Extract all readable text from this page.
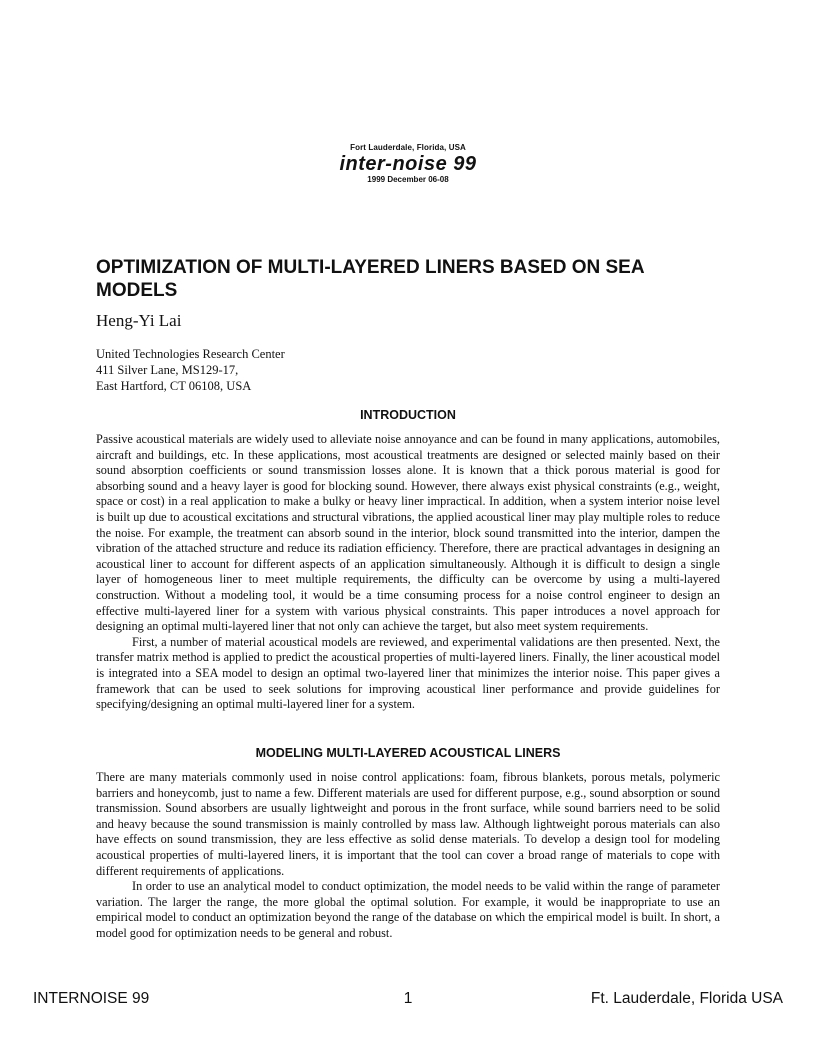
Fort Lauderdale, Florida, USA
inter-noise 99
1999 December 06-08
OPTIMIZATION OF MULTI-LAYERED LINERS BASED ON SEA MODELS
Heng-Yi Lai
United Technologies Research Center
411 Silver Lane, MS129-17,
East Hartford, CT 06108, USA
INTRODUCTION

Passive acoustical materials are widely used to alleviate noise annoyance and can be found in many applications, automobiles, aircraft and buildings, etc. In these applications, most acoustical treatments are designed or selected mainly based on their sound absorption coefficients or sound transmission losses alone. It is known that a thick porous material is good for absorbing sound and a heavy layer is good for blocking sound. However, there always exist physical constraints (e.g., weight, space or cost) in a real application to make a bulky or heavy liner impractical. In addition, when a system interior noise level is built up due to acoustical excitations and structural vibrations, the applied acoustical liner may play multiple roles to reduce the noise. For example, the treatment can absorb sound in the interior, block sound transmitted into the interior, dampen the vibration of the attached structure and reduce its radiation efficiency. Therefore, there are practical advantages in designing an acoustical liner to account for different aspects of an application simultaneously. Although it is difficult to design a single layer of homogeneous liner to meet multiple requirements, the difficulty can be overcome by using a multi-layered construction. Without a modeling tool, it would be a time consuming process for a noise control engineer to design an effective multi-layered liner for a system with various physical constraints. This paper introduces a novel approach for designing an optimal multi-layered liner that not only can achieve the target, but also meet system requirements.

First, a number of material acoustical models are reviewed, and experimental validations are then presented. Next, the transfer matrix method is applied to predict the acoustical properties of multi-layered liners. Finally, the liner acoustical model is integrated into a SEA model to design an optimal two-layered liner that minimizes the interior noise. This paper gives a framework that can be used to seek solutions for improving acoustical liner performance and provide guidelines for specifying/designing an optimal multi-layered liner for a system.

MODELING MULTI-LAYERED ACOUSTICAL LINERS

There are many materials commonly used in noise control applications: foam, fibrous blankets, porous metals, polymeric barriers and honeycomb, just to name a few. Different materials are used for different purpose, e.g., sound absorption or sound transmission. Sound absorbers are usually lightweight and porous in the front surface, while sound barriers need to be solid and heavy because the sound transmission is mainly controlled by mass law. Although lightweight porous materials can also have effects on sound transmission, they are less effective as solid dense materials. To develop a design tool for modeling acoustical properties of multi-layered liners, it is important that the tool can cover a broad range of materials to cope with different requirements of applications.

In order to use an analytical model to conduct optimization, the model needs to be valid within the range of parameter variation. The larger the range, the more global the optimal solution. For example, it would be inappropriate to use an empirical model to conduct an optimization beyond the range of the database on which the empirical model is built. In short, a model good for optimization needs to be general and robust.

INTERNOISE 99	1	Ft. Lauderdale, Florida USA
